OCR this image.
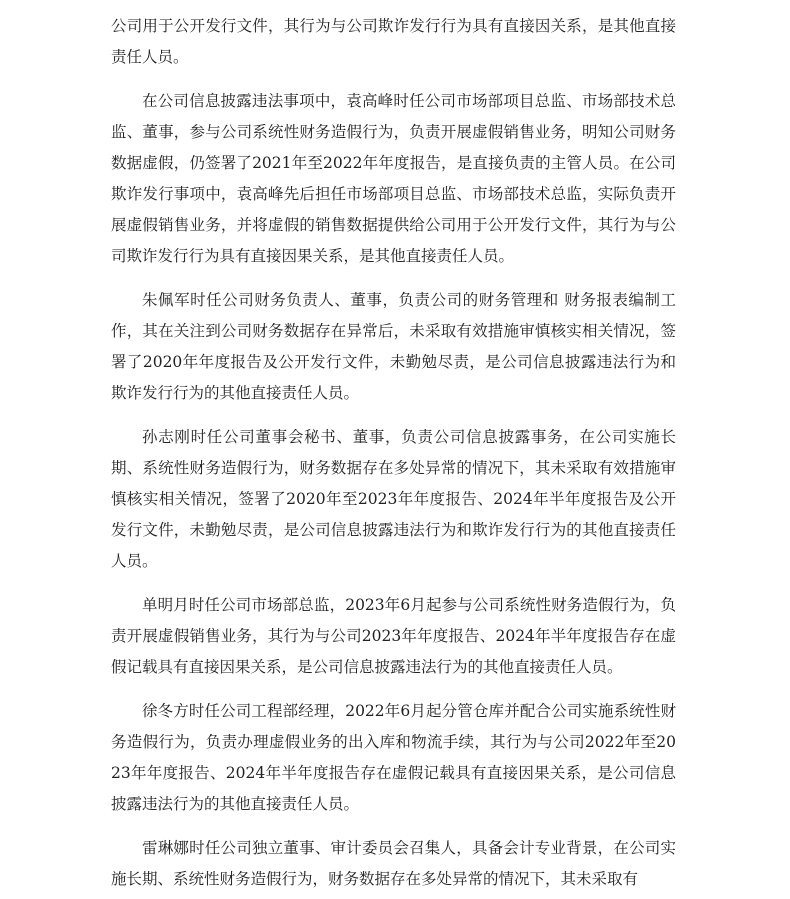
公司用于公开发行文件，其行为与公司欺诈发行行为具有直接因关系，是其他直接责任人员。

在公司信息披露违法事项中，袁高峰时任公司市场部项目总监、市场部技术总监、董事，参与公司系统性财务造假行为，负责开展虚假销售业务，明知公司财务数据虚假，仍签署了2021年至2022年年度报告，是直接负责的主管人员。在公司欺诈发行事项中，袁高峰先后担任市场部项目总监、市场部技术总监，实际负责开展虚假销售业务，并将虚假的销售数据提供给公司用于公开发行文件，其行为与公司欺诈发行行为具有直接因果关系，是其他直接责任人员。

朱佩军时任公司财务负责人、董事，负责公司的财务管理和 财务报表编制工作，其在关注到公司财务数据存在异常后，未采取有效措施审慎核实相关情况，签署了2020年年度报告及公开发行文件，未勤勉尽责，是公司信息披露违法行为和欺诈发行行为的其他直接责任人员。

孙志刚时任公司董事会秘书、董事，负责公司信息披露事务，在公司实施长期、系统性财务造假行为，财务数据存在多处异常的情况下，其未采取有效措施审慎核实相关情况，签署了2020年至2023年年度报告、2024年半年度报告及公开发行文件，未勤勉尽责，是公司信息披露违法行为和欺诈发行行为的其他直接责任人员。

单明月时任公司市场部总监，2023年6月起参与公司系统性财务造假行为，负责开展虚假销售业务，其行为与公司2023年年度报告、2024年半年度报告存在虚假记载具有直接因果关系，是公司信息披露违法行为的其他直接责任人员。

徐冬方时任公司工程部经理，2022年6月起分管仓库并配合公司实施系统性财务造假行为，负责办理虚假业务的出入库和物流手续，其行为与公司2022年至2023年年度报告、2024年半年度报告存在虚假记载具有直接因果关系，是公司信息披露违法行为的其他直接责任人员。

雷琳娜时任公司独立董事、审计委员会召集人，具备会计专业背景，在公司实施长期、系统性财务造假行为，财务数据存在多处异常的情况下，其未采取有
